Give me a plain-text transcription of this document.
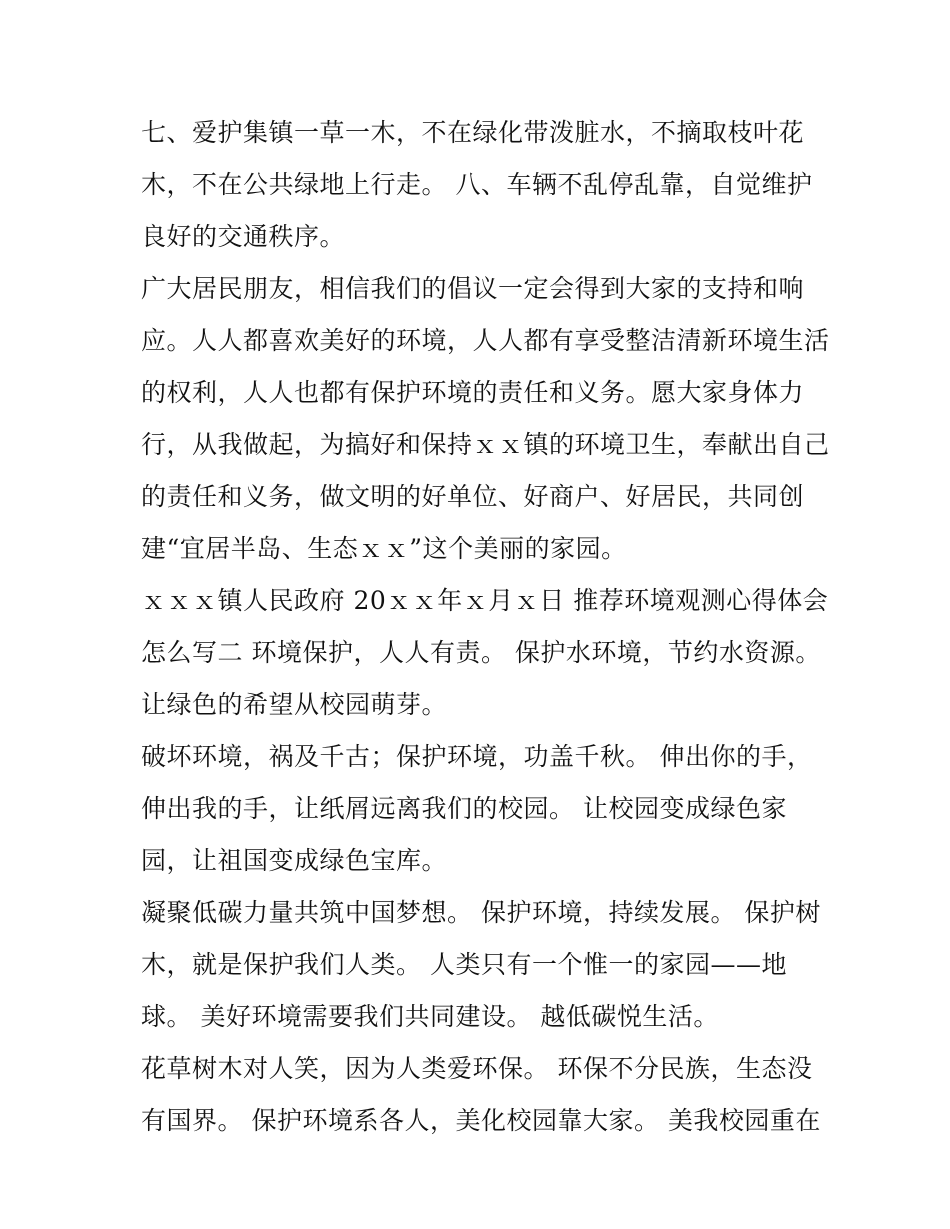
七、爱护集镇一草一木，不在绿化带泼脏水，不摘取枝叶花
木，不在公共绿地上行走。 八、车辆不乱停乱靠，自觉维护
良好的交通秩序。
广大居民朋友，相信我们的倡议一定会得到大家的支持和响
应。人人都喜欢美好的环境，人人都有享受整洁清新环境生活
的权利，人人也都有保护环境的责任和义务。愿大家身体力
行，从我做起，为搞好和保持ｘｘ镇的环境卫生，奉献出自己
的责任和义务，做文明的好单位、好商户、好居民，共同创
建“宜居半岛、生态ｘｘ”这个美丽的家园。
ｘｘｘ镇人民政府 20ｘｘ年ｘ月ｘ日 推荐环境观测心得体会
怎么写二 环境保护，人人有责。 保护水环境，节约水资源。
让绿色的希望从校园萌芽。
破坏环境，祸及千古；保护环境，功盖千秋。 伸出你的手，
伸出我的手，让纸屑远离我们的校园。 让校园变成绿色家
园，让祖国变成绿色宝库。
凝聚低碳力量共筑中国梦想。 保护环境，持续发展。 保护树
木，就是保护我们人类。 人类只有一个惟一的家园——地
球。 美好环境需要我们共同建设。 越低碳悦生活。
花草树木对人笑，因为人类爱环保。 环保不分民族，生态没
有国界。 保护环境系各人，美化校园靠大家。 美我校园重在
